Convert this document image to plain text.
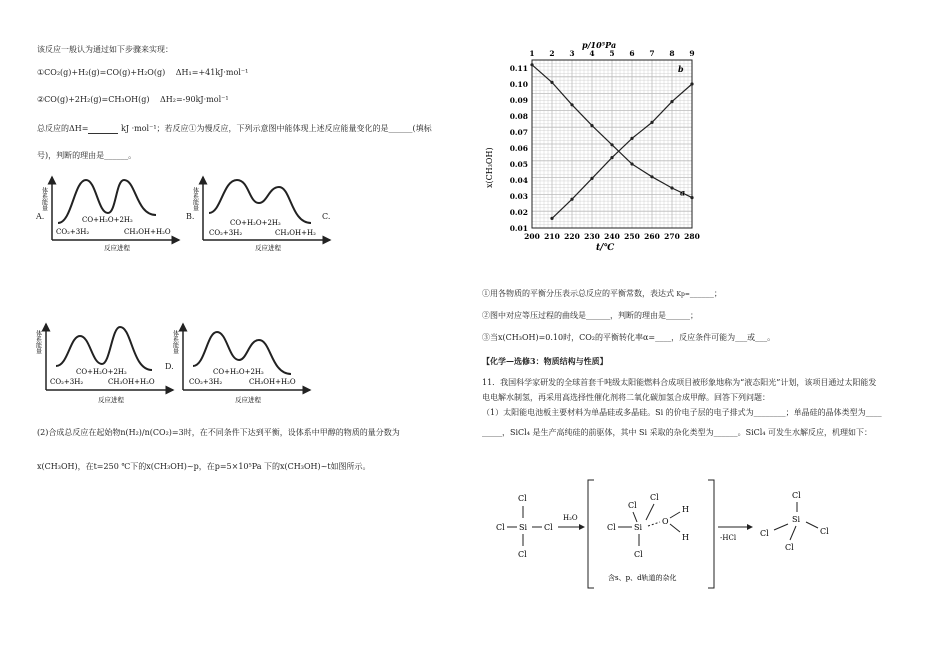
该反应一般认为通过如下步骤来实现：
①CO₂(g)+H₂(g)=CO(g)+H₂O(g) ΔH₁=+41kJ·mol⁻¹
②CO(g)+2H₂(g)=CH₃OH(g) ΔH₂=-90kJ·mol⁻¹
总反应的ΔH=	kJ ·mol⁻¹；若反应①为慢反应，下列示意图中能体现上述反应能量变化的是______(填标
号)，判断的理由是______。
A.
体系能量
CO+H₂O+2H₂
CO₂+3H₂	CH₃OH+H₂O
反应进程
B.
体系能量
CO+H₂O+2H₂
CO₂+3H₂	CH₃OH+H₂
反应进程
C.
体系能量
CO+H₂O+2H₂
CO₂+3H₂	CH₃OH+H₂O
反应进程
D.
体系能量
CO+H₂O+2H₂
CO₂+3H₂	CH₃OH+H₂O
反应进程
(2)合成总反应在起始物n(H₂)/n(CO₂)=3时，在不同条件下达到平衡，设体系中甲醇的物质的量分数为
x(CH₃OH)，在t=250 ℃下的x(CH₃OH)~p，在p=5×10⁵Pa 下的x(CH₃OH)~t如图所示。
p/10⁵Pa
x(CH₃OH)
t/℃
200 210 220 230 240 250 260 270 280
1 2 3 4 5 6 7 8 9
0.01
0.02
0.03
0.04
0.05
0.06
0.07
0.08
0.09
0.10
0.11
a
b
①用各物质的平衡分压表示总反应的平衡常数，表达式 Kp=______；
②图中对应等压过程的曲线是______，判断的理由是______；
③当x(CH₃OH)=0.10时，CO₂的平衡转化率α=____，反应条件可能为___或___。
【化学—选修3：物质结构与性质】
11．我国科学家研发的全球首套千吨级太阳能燃料合成项目被形象地称为“液态阳光”计划，该项目通过太阳能发
电电解水制氢，再采用高选择性催化剂将二氧化碳加氢合成甲醇。回答下列问题：
（1）太阳能电池板主要材料为单晶硅或多晶硅。Si 的价电子层的电子排式为________；单晶硅的晶体类型为____
_____，SiCl₄ 是生产高纯硅的前驱体，其中 Si 采取的杂化类型为______。SiCl₄ 可发生水解反应，机理如下：
Cl
Cl Si Cl
Cl
H₂O
Cl
Cl
Cl Si
O
H
H
Cl
含s、p、d轨道的杂化
-HCl
Cl
Si
Cl	Cl
Cl
